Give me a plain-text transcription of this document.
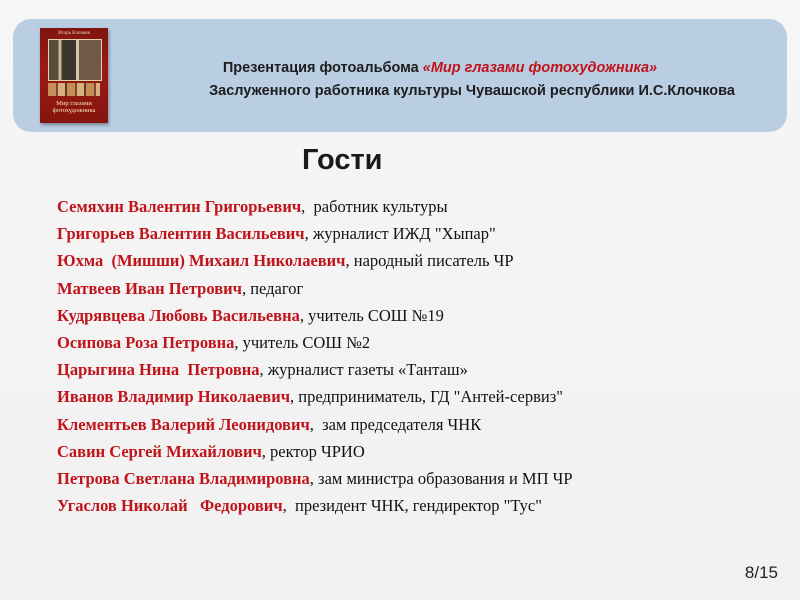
Игорь Клочков
Мир глазами фотохудожника
Презентация фотоальбома «Мир глазами фотохудожника»
Заслуженного работника культуры Чувашской республики И.С.Клочкова
Гости
Семяхин Валентин Григорьевич,  работник культуры
Григорьев Валентин Васильевич, журналист ИЖД "Хыпар"
Юхма  (Мишши) Михаил Николаевич, народный писатель ЧР
Матвеев Иван Петрович, педагог
Кудрявцева Любовь Васильевна, учитель СОШ №19
Осипова Роза Петровна, учитель СОШ №2
Царыгина Нина  Петровна, журналист газеты «Танташ»
Иванов Владимир Николаевич, предприниматель, ГД "Антей-сервиз"
Клементьев Валерий Леонидович,  зам председателя ЧНК
Савин Сергей Михайлович, ректор ЧРИО
Петрова Светлана Владимировна, зам министра образования и МП ЧР
Угаслов Николай   Федорович,  президент ЧНК, гендиректор "Тус"
8/15
